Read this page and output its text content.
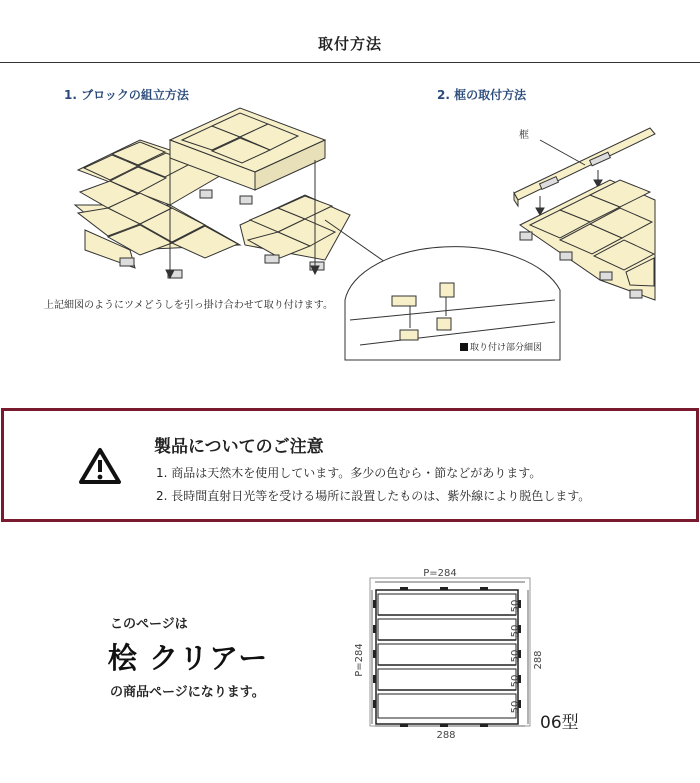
取付方法
1. ブロックの組立方法	2. 框の取付方法
框
上記細図のようにツメどうしを引っ掛け合わせて取り付けます。
取り付け部分細図
製品についてのご注意
1. 商品は天然木を使用しています。多少の色むら・節などがあります。
2. 長時間直射日光等を受ける場所に設置したものは、紫外線により脱色します。
このページは
桧 クリアー
の商品ページになります。
P=284
288
P=284	288
50
50
50
50
50
06型
